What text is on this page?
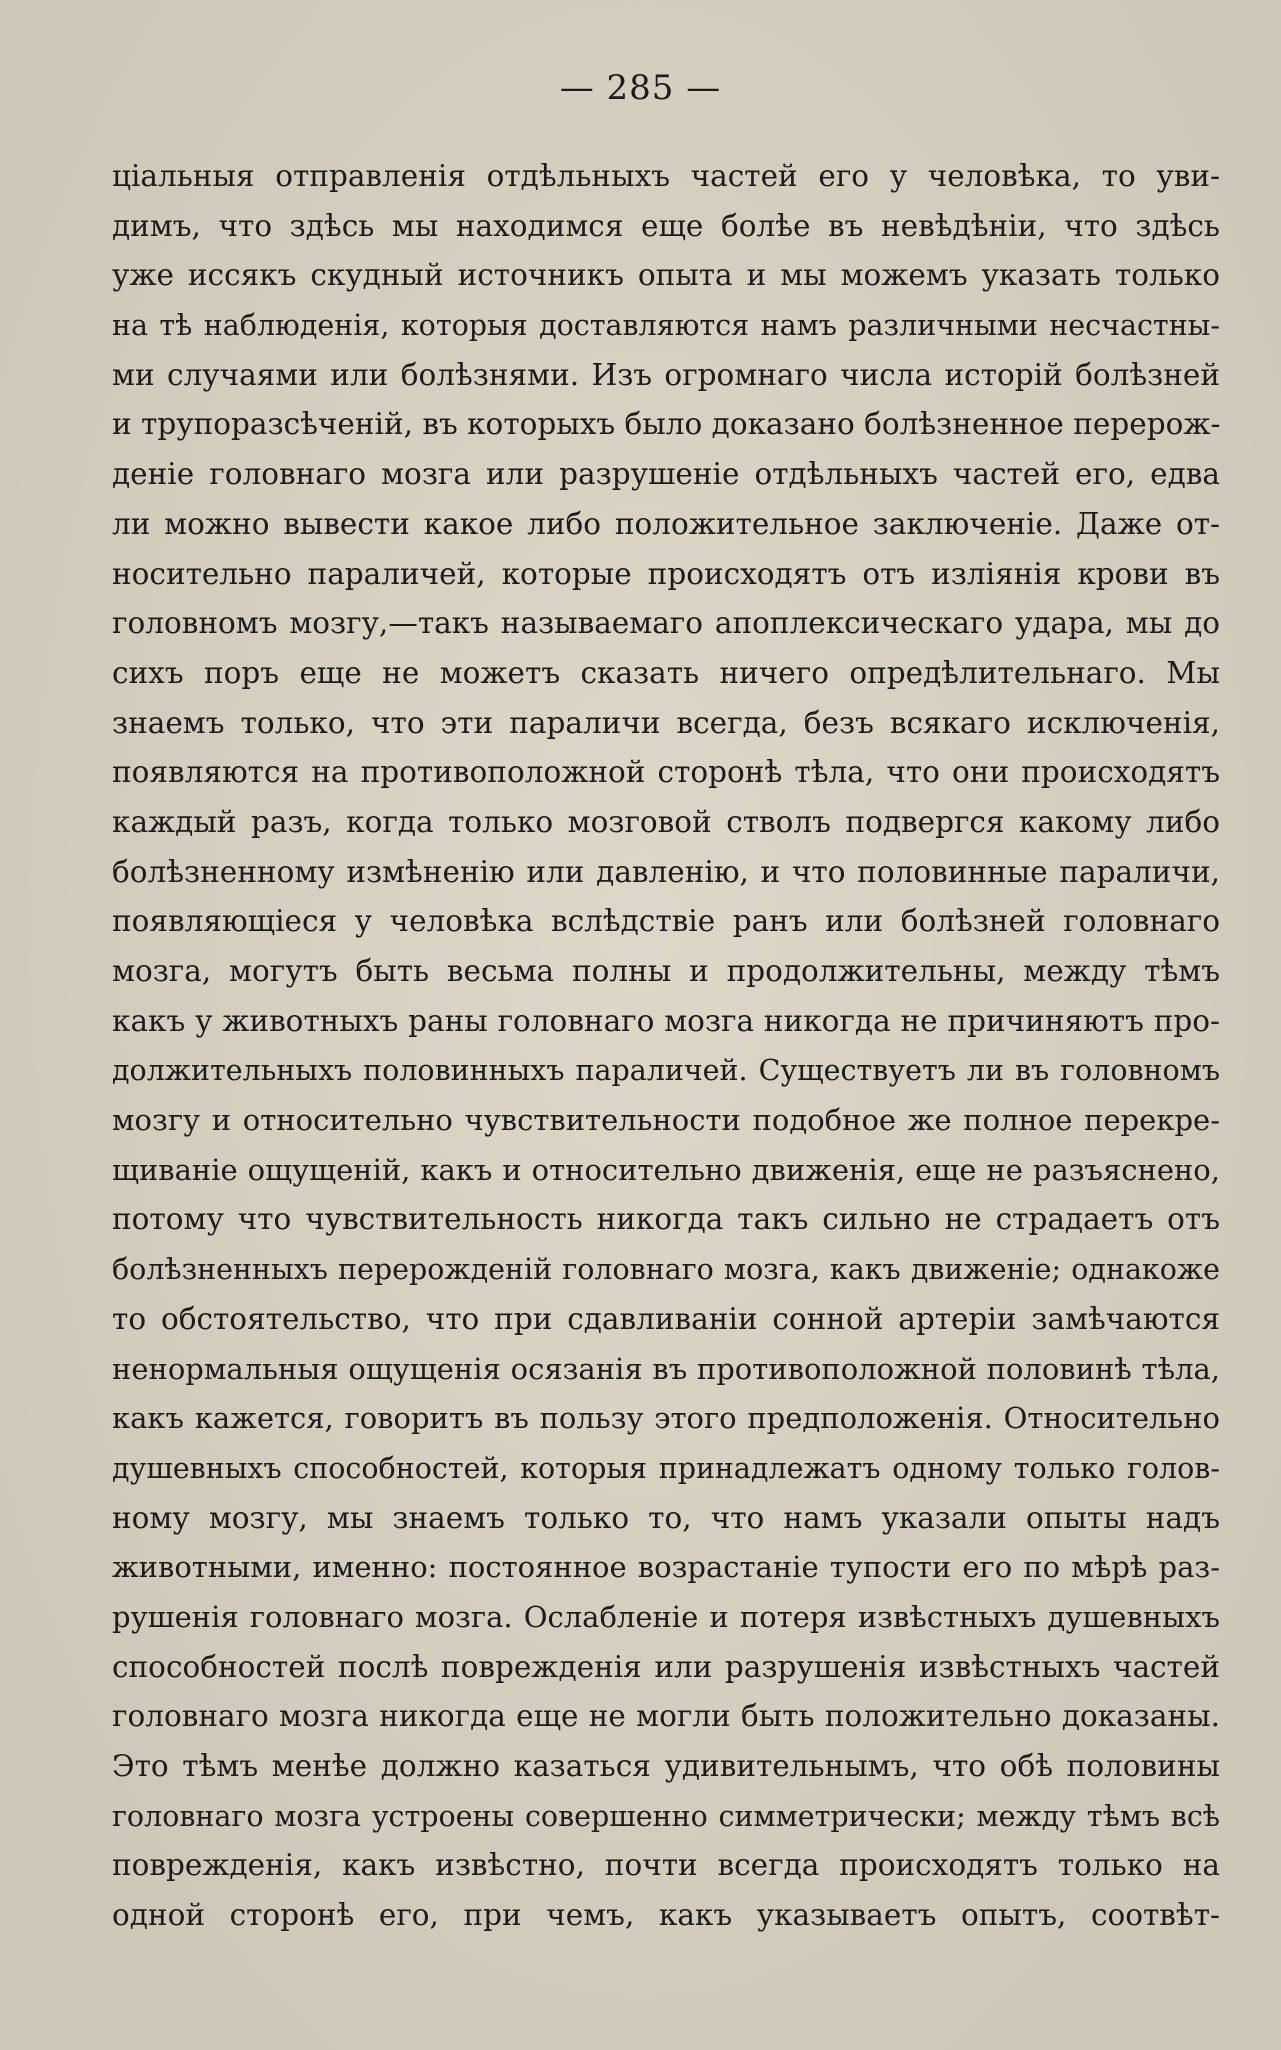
— 285 —
ціальныя отправленія отдѣльныхъ частей его у человѣка, то уви-
димъ, что здѣсь мы находимся еще болѣе въ невѣдѣніи, что здѣсь
уже иссякъ скудный источникъ опыта и мы можемъ указать только
на тѣ наблюденія, которыя доставляются намъ различными несчастны-
ми случаями или болѣзнями. Изъ огромнаго числа исторій болѣзней
и трупоразсѣченій, въ которыхъ было доказано болѣзненное перерож-
деніе головнаго мозга или разрушеніе отдѣльныхъ частей его, едва
ли можно вывести какое либо положительное заключеніе. Даже от-
носительно параличей, которые происходятъ отъ изліянія крови въ
головномъ мозгу,—такъ называемаго апоплексическаго удара, мы до
сихъ поръ еще не можетъ сказать ничего опредѣлительнаго. Мы
знаемъ только, что эти параличи всегда, безъ всякаго исключенія,
появляются на противоположной сторонѣ тѣла, что они происходятъ
каждый разъ, когда только мозговой стволъ подвергся какому либо
болѣзненному измѣненію или давленію, и что половинные параличи,
появляющіеся у человѣка вслѣдствіе ранъ или болѣзней головнаго
мозга, могутъ быть весьма полны и продолжительны, между тѣмъ
какъ у животныхъ раны головнаго мозга никогда не причиняютъ про-
должительныхъ половинныхъ параличей. Существуетъ ли въ головномъ
мозгу и относительно чувствительности подобное же полное перекре-
щиваніе ощущеній, какъ и относительно движенія, еще не разъяснено,
потому что чувствительность никогда такъ сильно не страдаетъ отъ
болѣзненныхъ перерожденій головнаго мозга, какъ движеніе; однакоже
то обстоятельство, что при сдавливаніи сонной артеріи замѣчаются
ненормальныя ощущенія осязанія въ противоположной половинѣ тѣла,
какъ кажется, говоритъ въ пользу этого предположенія. Относительно
душевныхъ способностей, которыя принадлежатъ одному только голов-
ному мозгу, мы знаемъ только то, что намъ указали опыты надъ
животными, именно: постоянное возрастаніе тупости его по мѣрѣ раз-
рушенія головнаго мозга. Ослабленіе и потеря извѣстныхъ душевныхъ
способностей послѣ поврежденія или разрушенія извѣстныхъ частей
головнаго мозга никогда еще не могли быть положительно доказаны.
Это тѣмъ менѣе должно казаться удивительнымъ, что обѣ половины
головнаго мозга устроены совершенно симметрически; между тѣмъ всѣ
поврежденія, какъ извѣстно, почти всегда происходятъ только на
одной сторонѣ его, при чемъ, какъ указываетъ опытъ, соотвѣт-
